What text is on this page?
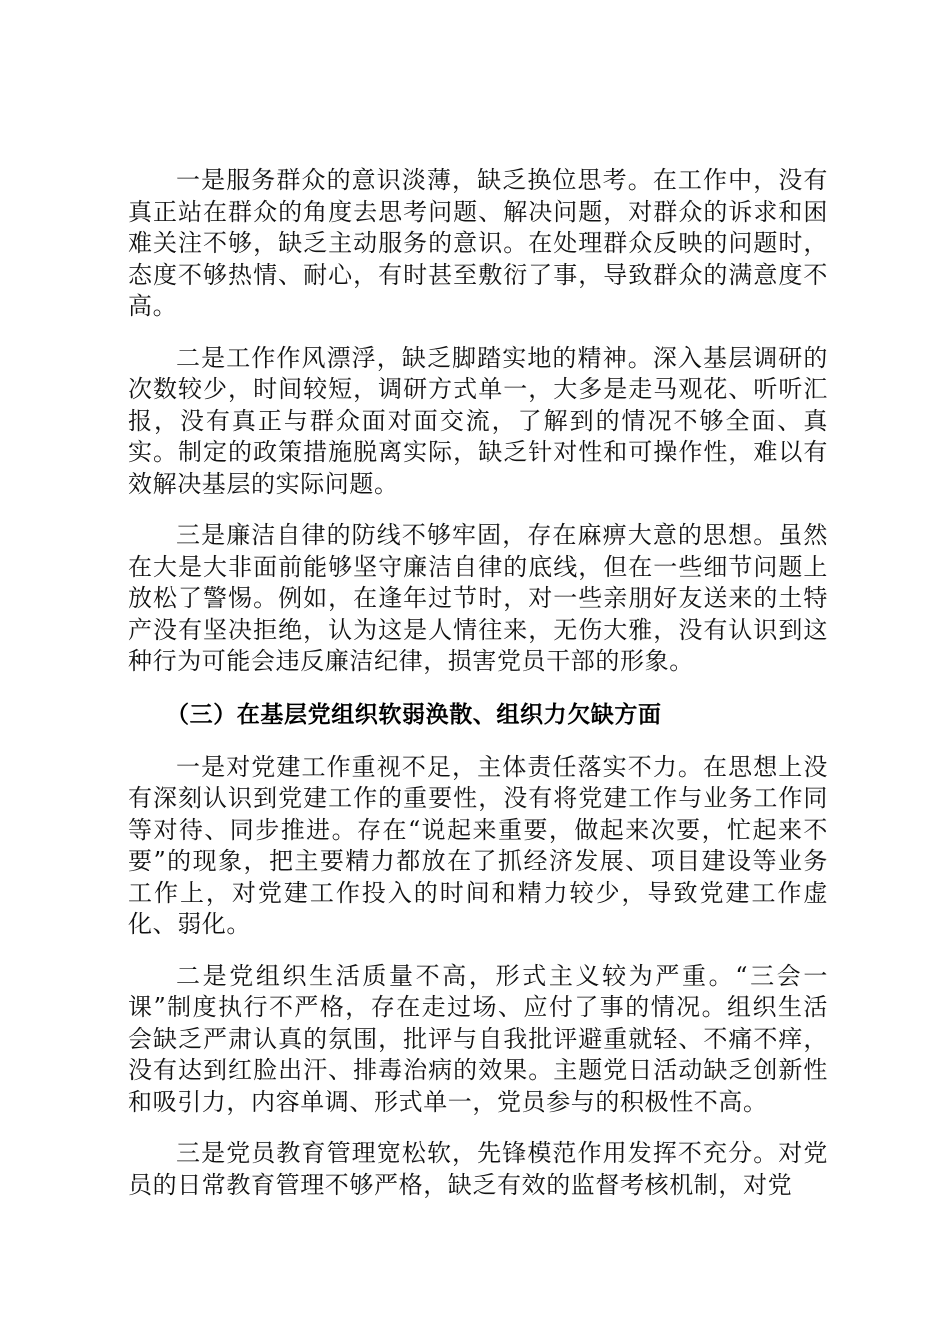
一是服务群众的意识淡薄，缺乏换位思考。在工作中，没有真正站在群众的角度去思考问题、解决问题，对群众的诉求和困难关注不够，缺乏主动服务的意识。在处理群众反映的问题时，态度不够热情、耐心，有时甚至敷衍了事，导致群众的满意度不高。

二是工作作风漂浮，缺乏脚踏实地的精神。深入基层调研的次数较少，时间较短，调研方式单一，大多是走马观花、听听汇报，没有真正与群众面对面交流，了解到的情况不够全面、真实。制定的政策措施脱离实际，缺乏针对性和可操作性，难以有效解决基层的实际问题。

三是廉洁自律的防线不够牢固，存在麻痹大意的思想。虽然在大是大非面前能够坚守廉洁自律的底线，但在一些细节问题上放松了警惕。例如，在逢年过节时，对一些亲朋好友送来的土特产没有坚决拒绝，认为这是人情往来，无伤大雅，没有认识到这种行为可能会违反廉洁纪律，损害党员干部的形象。

（三）在基层党组织软弱涣散、组织力欠缺方面

一是对党建工作重视不足，主体责任落实不力。在思想上没有深刻认识到党建工作的重要性，没有将党建工作与业务工作同等对待、同步推进。存在“说起来重要，做起来次要，忙起来不要”的现象，把主要精力都放在了抓经济发展、项目建设等业务工作上，对党建工作投入的时间和精力较少，导致党建工作虚化、弱化。

二是党组织生活质量不高，形式主义较为严重。“三会一课”制度执行不严格，存在走过场、应付了事的情况。组织生活会缺乏严肃认真的氛围，批评与自我批评避重就轻、不痛不痒，没有达到红脸出汗、排毒治病的效果。主题党日活动缺乏创新性和吸引力，内容单调、形式单一，党员参与的积极性不高。

三是党员教育管理宽松软，先锋模范作用发挥不充分。对党员的日常教育管理不够严格，缺乏有效的监督考核机制，对党
